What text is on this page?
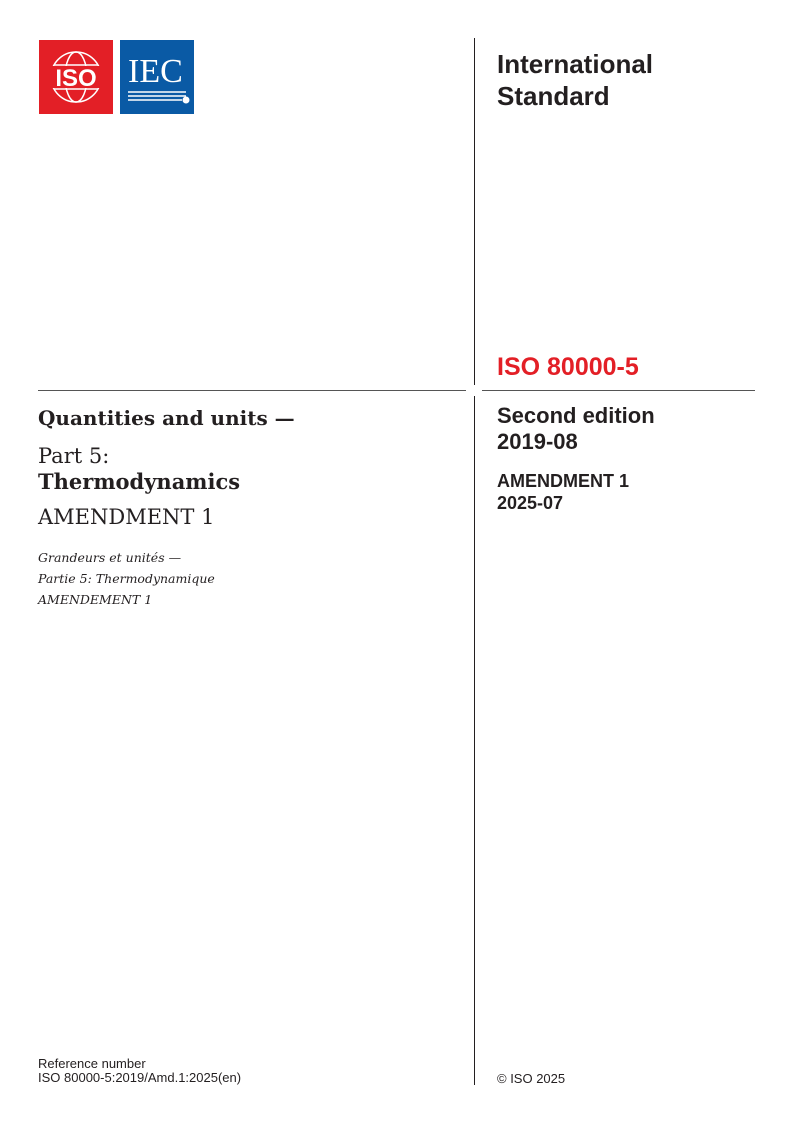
ISO IEC	International
Standard
ISO 80000-5
Second edition
2019-08
AMENDMENT 1
2025-07
© ISO 2025
Quantities and units —
Part 5:
Thermodynamics
AMENDMENT 1
Grandeurs et unités —
Partie 5: Thermodynamique
AMENDEMENT 1
Reference number
ISO 80000-5:2019/Amd.1:2025(en)
